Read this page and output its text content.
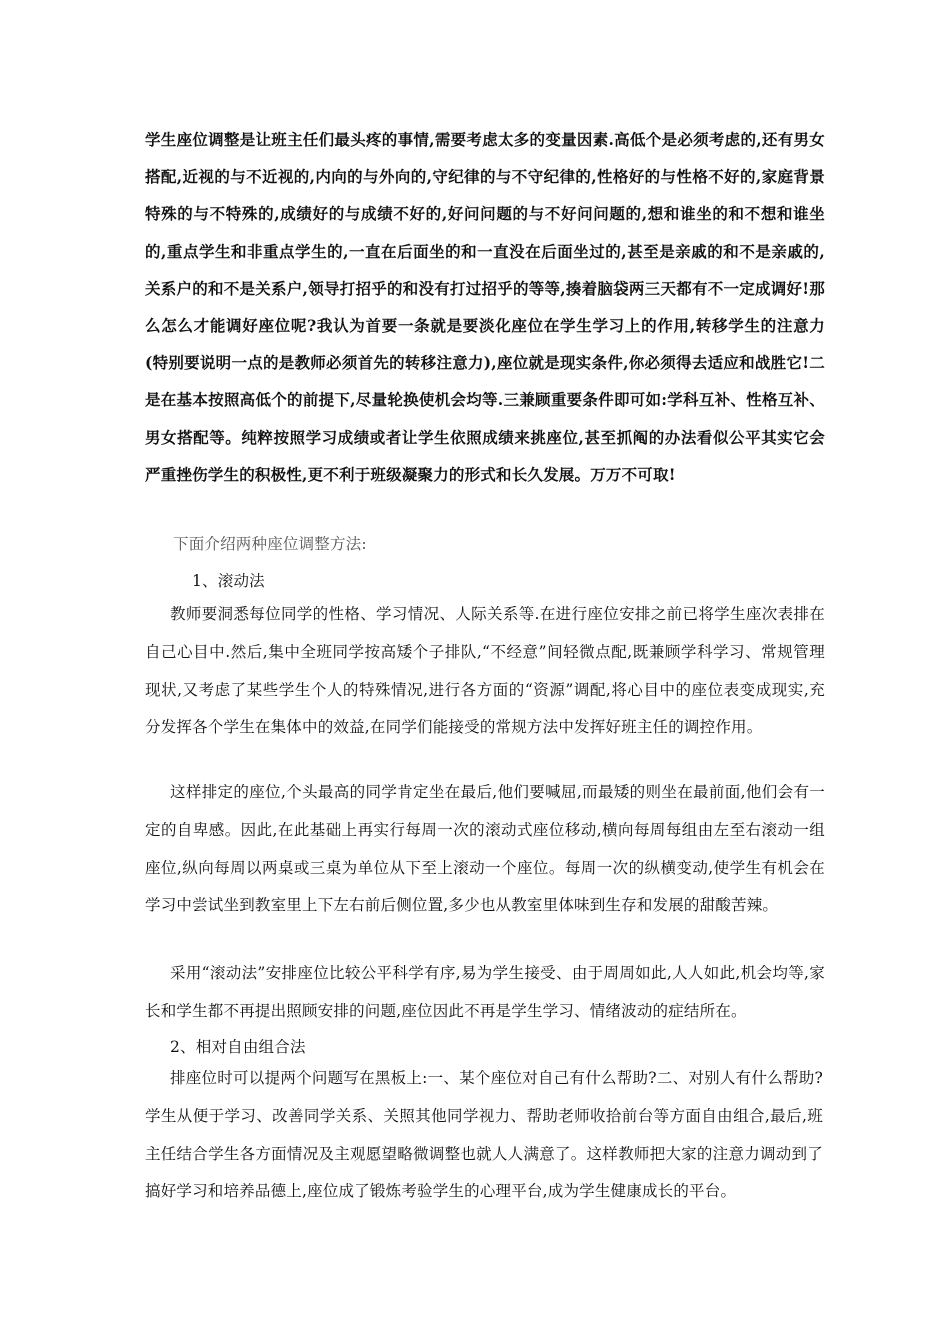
学生座位调整是让班主任们最头疼的事情,需要考虑太多的变量因素.高低个是必须考虑的,还有男女搭配,近视的与不近视的,内向的与外向的,守纪律的与不守纪律的,性格好的与性格不好的,家庭背景特殊的与不特殊的,成绩好的与成绩不好的,好问问题的与不好问问题的,想和谁坐的和不想和谁坐的,重点学生和非重点学生的,一直在后面坐的和一直没在后面坐过的,甚至是亲戚的和不是亲戚的,关系户的和不是关系户,领导打招乎的和没有打过招乎的等等,揍着脑袋两三天都有不一定成调好!那么怎么才能调好座位呢?我认为首要一条就是要淡化座位在学生学习上的作用,转移学生的注意力(特别要说明一点的是教师必须首先的转移注意力),座位就是现实条件,你必须得去适应和战胜它!二是在基本按照高低个的前提下,尽量轮换使机会均等.三兼顾重要条件即可如:学科互补、性格互补、男女搭配等。纯粹按照学习成绩或者让学生依照成绩来挑座位,甚至抓阄的办法看似公平其实它会严重挫伤学生的积极性,更不利于班级凝聚力的形式和长久发展。万万不可取!

下面介绍两种座位调整方法:

1、滚动法

教师要洞悉每位同学的性格、学习情况、人际关系等.在进行座位安排之前已将学生座次表排在自己心目中.然后,集中全班同学按高矮个子排队,“不经意”间轻微点配,既兼顾学科学习、常规管理现状,又考虑了某些学生个人的特殊情况,进行各方面的“资源”调配,将心目中的座位表变成现实,充分发挥各个学生在集体中的效益,在同学们能接受的常规方法中发挥好班主任的调控作用。

这样排定的座位,个头最高的同学肯定坐在最后,他们要喊屈,而最矮的则坐在最前面,他们会有一定的自卑感。因此,在此基础上再实行每周一次的滚动式座位移动,横向每周每组由左至右滚动一组座位,纵向每周以两桌或三桌为单位从下至上滚动一个座位。每周一次的纵横变动,使学生有机会在学习中尝试坐到教室里上下左右前后侧位置,多少也从教室里体味到生存和发展的甜酸苦辣。

采用“滚动法”安排座位比较公平科学有序,易为学生接受、由于周周如此,人人如此,机会均等,家长和学生都不再提出照顾安排的问题,座位因此不再是学生学习、情绪波动的症结所在。

2、相对自由组合法

排座位时可以提两个问题写在黑板上:一、某个座位对自己有什么帮助?二、对别人有什么帮助?学生从便于学习、改善同学关系、关照其他同学视力、帮助老师收拾前台等方面自由组合,最后,班主任结合学生各方面情况及主观愿望略微调整也就人人满意了。这样教师把大家的注意力调动到了搞好学习和培养品德上,座位成了锻炼考验学生的心理平台,成为学生健康成长的平台。
